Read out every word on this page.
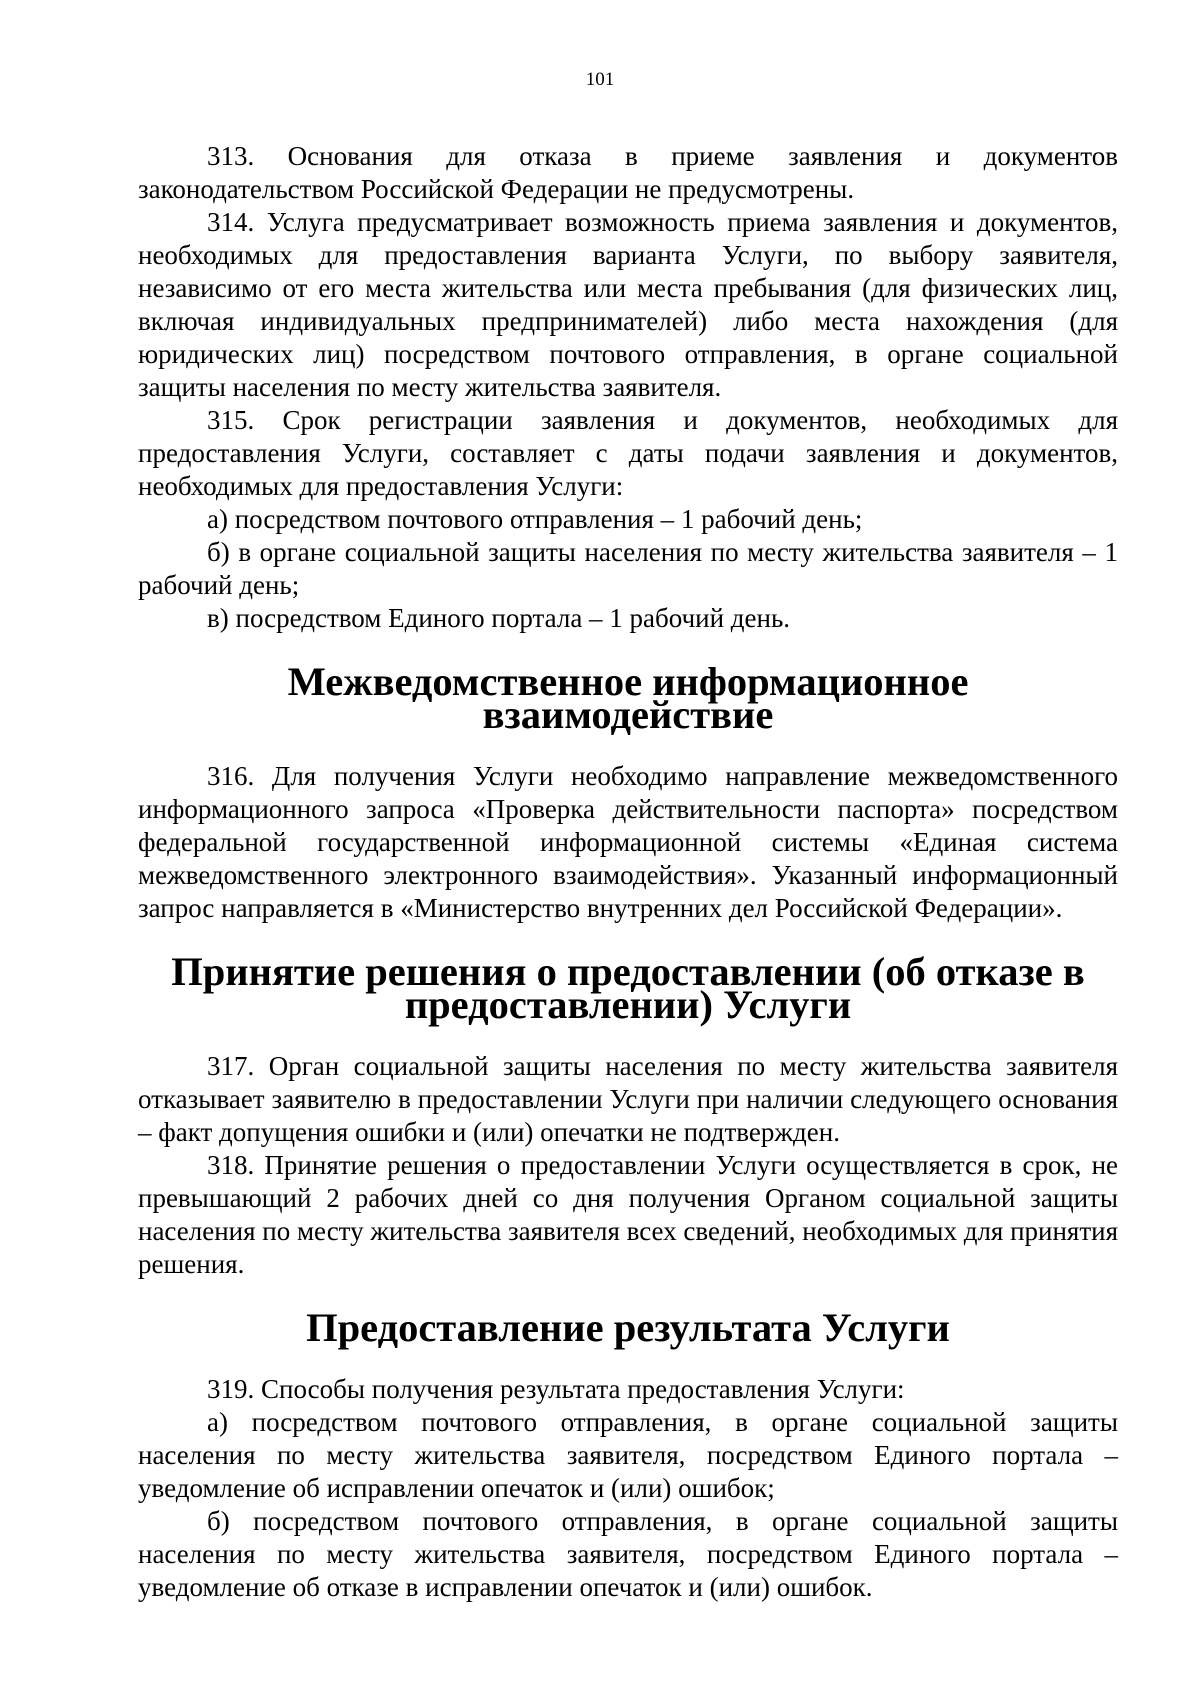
101

313. Основания для отказа в приеме заявления и документов законодательством Российской Федерации не предусмотрены.

314. Услуга предусматривает возможность приема заявления и документов, необходимых для предоставления варианта Услуги, по выбору заявителя, независимо от его места жительства или места пребывания (для физических лиц, включая индивидуальных предпринимателей) либо места нахождения (для юридических лиц) посредством почтового отправления, в органе социальной защиты населения по месту жительства заявителя.

315. Срок регистрации заявления и документов, необходимых для предоставления Услуги, составляет с даты подачи заявления и документов, необходимых для предоставления Услуги:

а) посредством почтового отправления – 1 рабочий день;

б) в органе социальной защиты населения по месту жительства заявителя – 1 рабочий день;

в) посредством Единого портала – 1 рабочий день.

Межведомственное информационное взаимодействие

316. Для получения Услуги необходимо направление межведомственного информационного запроса «Проверка действительности паспорта» посредством федеральной государственной информационной системы «Единая система межведомственного электронного взаимодействия». Указанный информационный запрос направляется в «Министерство внутренних дел Российской Федерации».

Принятие решения о предоставлении (об отказе в предоставлении) Услуги

317. Орган социальной защиты населения по месту жительства заявителя отказывает заявителю в предоставлении Услуги при наличии следующего основания – факт допущения ошибки и (или) опечатки не подтвержден.

318. Принятие решения о предоставлении Услуги осуществляется в срок, не превышающий 2 рабочих дней со дня получения Органом социальной защиты населения по месту жительства заявителя всех сведений, необходимых для принятия решения.

Предоставление результата Услуги

319. Способы получения результата предоставления Услуги:

а) посредством почтового отправления, в органе социальной защиты населения по месту жительства заявителя, посредством Единого портала – уведомление об исправлении опечаток и (или) ошибок;

б) посредством почтового отправления, в органе социальной защиты населения по месту жительства заявителя, посредством Единого портала – уведомление об отказе в исправлении опечаток и (или) ошибок.
